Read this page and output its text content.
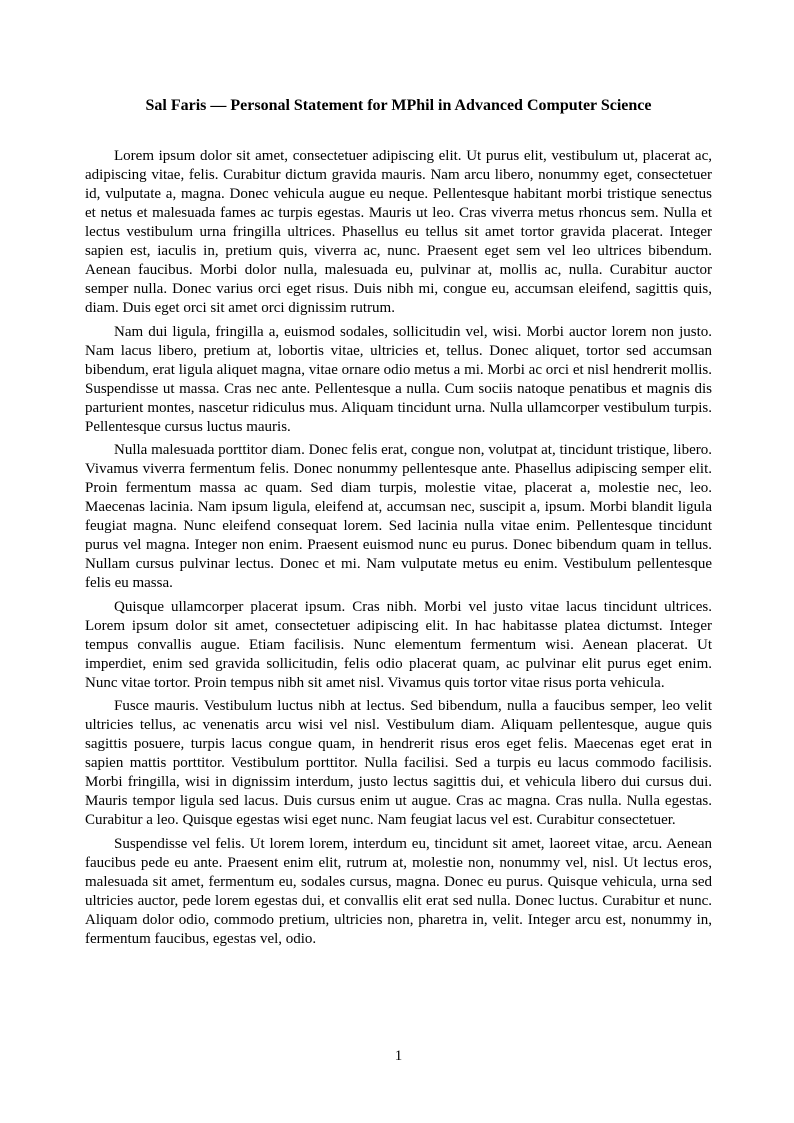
Sal Faris — Personal Statement for MPhil in Advanced Computer Science

Lorem ipsum dolor sit amet, consectetuer adipiscing elit. Ut purus elit, vestibulum ut, placerat ac, adipiscing vitae, felis. Curabitur dictum gravida mauris. Nam arcu libero, nonummy eget, consectetuer id, vulputate a, magna. Donec vehicula augue eu neque. Pellentesque habitant morbi tristique senectus et netus et malesuada fames ac turpis egestas. Mauris ut leo. Cras viverra metus rhoncus sem. Nulla et lectus vestibulum urna fringilla ultrices. Phasellus eu tellus sit amet tortor gravida placerat. Integer sapien est, iaculis in, pretium quis, viverra ac, nunc. Praesent eget sem vel leo ultrices bibendum. Aenean faucibus. Morbi dolor nulla, malesuada eu, pulvinar at, mollis ac, nulla. Curabitur auctor semper nulla. Donec varius orci eget risus. Duis nibh mi, congue eu, accumsan eleifend, sagittis quis, diam. Duis eget orci sit amet orci dignissim rutrum.

Nam dui ligula, fringilla a, euismod sodales, sollicitudin vel, wisi. Morbi auctor lorem non justo. Nam lacus libero, pretium at, lobortis vitae, ultricies et, tellus. Donec aliquet, tortor sed accumsan bibendum, erat ligula aliquet magna, vitae ornare odio metus a mi. Morbi ac orci et nisl hendrerit mollis. Suspendisse ut massa. Cras nec ante. Pellentesque a nulla. Cum sociis natoque penatibus et magnis dis parturient montes, nascetur ridiculus mus. Aliquam tincidunt urna. Nulla ullamcorper vestibulum turpis. Pellentesque cursus luctus mauris.

Nulla malesuada porttitor diam. Donec felis erat, congue non, volutpat at, tincidunt tristique, libero. Vivamus viverra fermentum felis. Donec nonummy pellentesque ante. Phasellus adipiscing semper elit. Proin fermentum massa ac quam. Sed diam turpis, molestie vitae, placerat a, molestie nec, leo. Maecenas lacinia. Nam ipsum ligula, eleifend at, accumsan nec, suscipit a, ipsum. Morbi blandit ligula feugiat magna. Nunc eleifend consequat lorem. Sed lacinia nulla vitae enim. Pellentesque tincidunt purus vel magna. Integer non enim. Praesent euismod nunc eu purus. Donec bibendum quam in tellus. Nullam cursus pulvinar lectus. Donec et mi. Nam vulputate metus eu enim. Vestibulum pellentesque felis eu massa.

Quisque ullamcorper placerat ipsum. Cras nibh. Morbi vel justo vitae lacus tincidunt ultrices. Lorem ipsum dolor sit amet, consectetuer adipiscing elit. In hac habitasse platea dictumst. Integer tempus convallis augue. Etiam facilisis. Nunc elementum fermentum wisi. Aenean placerat. Ut imperdiet, enim sed gravida sollicitudin, felis odio placerat quam, ac pulvinar elit purus eget enim. Nunc vitae tortor. Proin tempus nibh sit amet nisl. Vivamus quis tortor vitae risus porta vehicula.

Fusce mauris. Vestibulum luctus nibh at lectus. Sed bibendum, nulla a faucibus semper, leo velit ultricies tellus, ac venenatis arcu wisi vel nisl. Vestibulum diam. Aliquam pellentesque, augue quis sagittis posuere, turpis lacus congue quam, in hendrerit risus eros eget felis. Maecenas eget erat in sapien mattis porttitor. Vestibulum porttitor. Nulla facilisi. Sed a turpis eu lacus commodo facilisis. Morbi fringilla, wisi in dignissim interdum, justo lectus sagittis dui, et vehicula libero dui cursus dui. Mauris tempor ligula sed lacus. Duis cursus enim ut augue. Cras ac magna. Cras nulla. Nulla egestas. Curabitur a leo. Quisque egestas wisi eget nunc. Nam feugiat lacus vel est. Curabitur consectetuer.

Suspendisse vel felis. Ut lorem lorem, interdum eu, tincidunt sit amet, laoreet vitae, arcu. Aenean faucibus pede eu ante. Praesent enim elit, rutrum at, molestie non, nonummy vel, nisl. Ut lectus eros, malesuada sit amet, fermentum eu, sodales cursus, magna. Donec eu purus. Quisque vehicula, urna sed ultricies auctor, pede lorem egestas dui, et convallis elit erat sed nulla. Donec luctus. Curabitur et nunc. Aliquam dolor odio, commodo pretium, ultricies non, pharetra in, velit. Integer arcu est, nonummy in, fermentum faucibus, egestas vel, odio.

1
